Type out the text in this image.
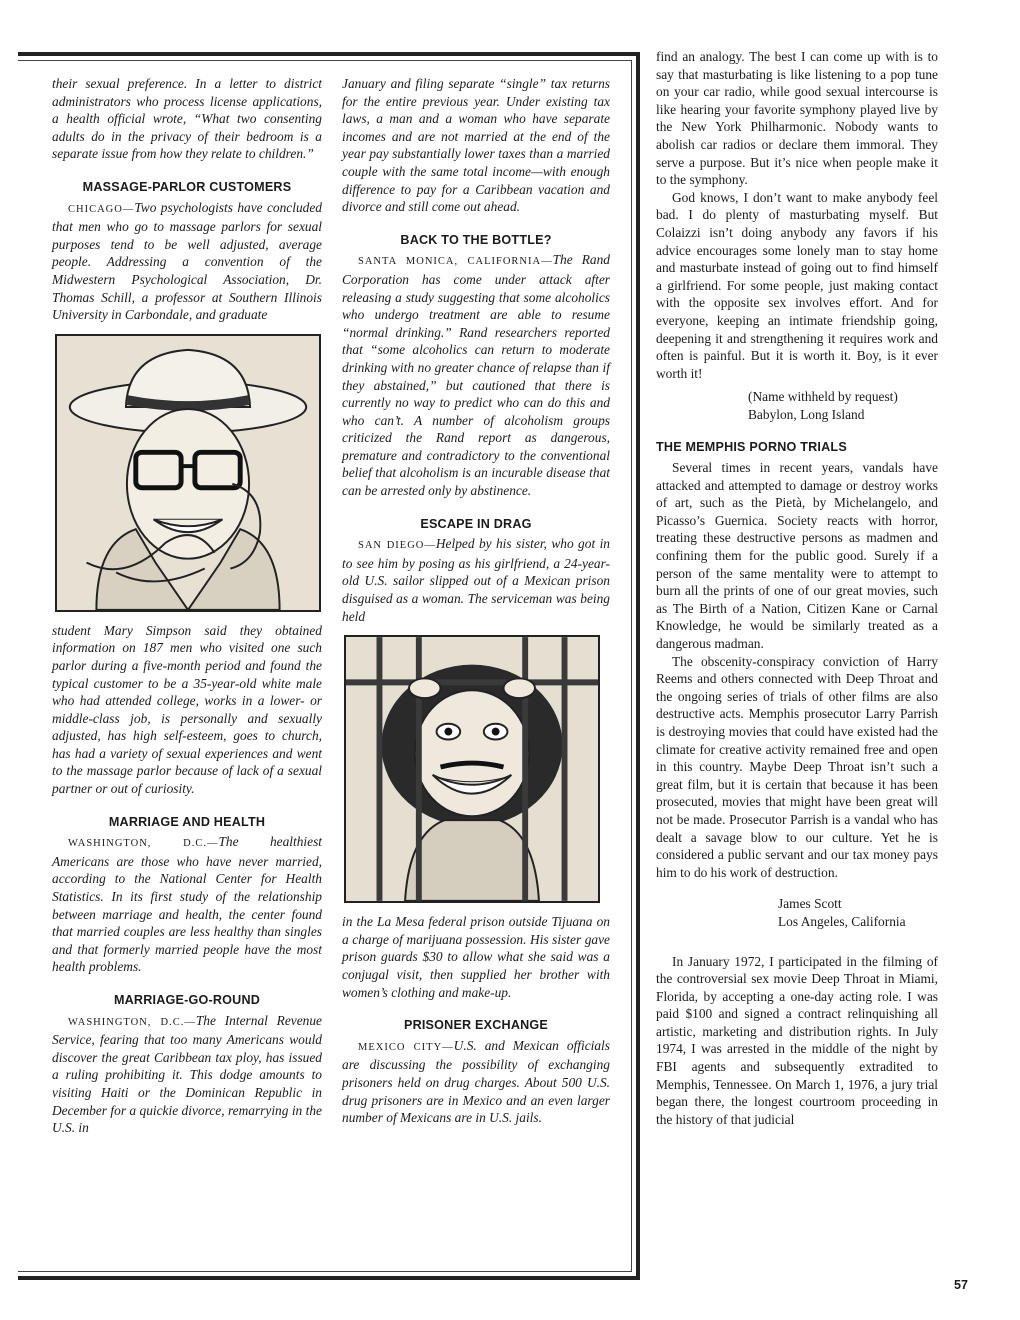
their sexual preference. In a letter to district administrators who process license applications, a health official wrote, “What two consenting adults do in the privacy of their bedroom is a separate issue from how they relate to children.”

MASSAGE-PARLOR CUSTOMERS

CHICAGO—Two psychologists have concluded that men who go to massage parlors for sexual purposes tend to be well adjusted, average people. Addressing a convention of the Midwestern Psychological Association, Dr. Thomas Schill, a professor at Southern Illinois University in Carbondale, and graduate

student Mary Simpson said they obtained information on 187 men who visited one such parlor during a five-month period and found the typical customer to be a 35-year-old white male who had attended college, works in a lower- or middle-class job, is personally and sexually adjusted, has high self-esteem, goes to church, has had a variety of sexual experiences and went to the massage parlor because of lack of a sexual partner or out of curiosity.

MARRIAGE AND HEALTH

WASHINGTON, D.C.—The healthiest Americans are those who have never married, according to the National Center for Health Statistics. In its first study of the relationship between marriage and health, the center found that married couples are less healthy than singles and that formerly married people have the most health problems.

MARRIAGE-GO-ROUND

WASHINGTON, D.C.—The Internal Revenue Service, fearing that too many Americans would discover the great Caribbean tax ploy, has issued a ruling prohibiting it. This dodge amounts to visiting Haiti or the Dominican Republic in December for a quickie divorce, remarrying in the U.S. in

January and filing separate “single” tax returns for the entire previous year. Under existing tax laws, a man and a woman who have separate incomes and are not married at the end of the year pay substantially lower taxes than a married couple with the same total income—with enough difference to pay for a Caribbean vacation and divorce and still come out ahead.

BACK TO THE BOTTLE?

SANTA MONICA, CALIFORNIA—The Rand Corporation has come under attack after releasing a study suggesting that some alcoholics who undergo treatment are able to resume “normal drinking.” Rand researchers reported that “some alcoholics can return to moderate drinking with no greater chance of relapse than if they abstained,” but cautioned that there is currently no way to predict who can do this and who can’t. A number of alcoholism groups criticized the Rand report as dangerous, premature and contradictory to the conventional belief that alcoholism is an incurable disease that can be arrested only by abstinence.

ESCAPE IN DRAG

SAN DIEGO—Helped by his sister, who got in to see him by posing as his girlfriend, a 24-year-old U.S. sailor slipped out of a Mexican prison disguised as a woman. The serviceman was being held

in the La Mesa federal prison outside Tijuana on a charge of marijuana possession. His sister gave prison guards $30 to allow what she said was a conjugal visit, then supplied her brother with women’s clothing and make-up.

PRISONER EXCHANGE

MEXICO CITY—U.S. and Mexican officials are discussing the possibility of exchanging prisoners held on drug charges. About 500 U.S. drug prisoners are in Mexico and an even larger number of Mexicans are in U.S. jails.

find an analogy. The best I can come up with is to say that masturbating is like listening to a pop tune on your car radio, while good sexual intercourse is like hearing your favorite symphony played live by the New York Philharmonic. Nobody wants to abolish car radios or declare them immoral. They serve a purpose. But it’s nice when people make it to the symphony.

God knows, I don’t want to make anybody feel bad. I do plenty of masturbating myself. But Colaizzi isn’t doing anybody any favors if his advice encourages some lonely man to stay home and masturbate instead of going out to find himself a girlfriend. For some people, just making contact with the opposite sex involves effort. And for everyone, keeping an intimate friendship going, deepening it and strengthening it requires work and often is painful. But it is worth it. Boy, is it ever worth it!

(Name withheld by request)
Babylon, Long Island

THE MEMPHIS PORNO TRIALS

Several times in recent years, vandals have attacked and attempted to damage or destroy works of art, such as the Pietà, by Michelangelo, and Picasso’s Guernica. Society reacts with horror, treating these destructive persons as madmen and confining them for the public good. Surely if a person of the same mentality were to attempt to burn all the prints of one of our great movies, such as The Birth of a Nation, Citizen Kane or Carnal Knowledge, he would be similarly treated as a dangerous madman.

The obscenity-conspiracy conviction of Harry Reems and others connected with Deep Throat and the ongoing series of trials of other films are also destructive acts. Memphis prosecutor Larry Parrish is destroying movies that could have existed had the climate for creative activity remained free and open in this country. Maybe Deep Throat isn’t such a great film, but it is certain that because it has been prosecuted, movies that might have been great will not be made. Prosecutor Parrish is a vandal who has dealt a savage blow to our culture. Yet he is considered a public servant and our tax money pays him to do his work of destruction.

James Scott
Los Angeles, California

In January 1972, I participated in the filming of the controversial sex movie Deep Throat in Miami, Florida, by accepting a one-day acting role. I was paid $100 and signed a contract relinquishing all artistic, marketing and distribution rights. In July 1974, I was arrested in the middle of the night by FBI agents and subsequently extradited to Memphis, Tennessee. On March 1, 1976, a jury trial began there, the longest courtroom proceeding in the history of that judicial

57
